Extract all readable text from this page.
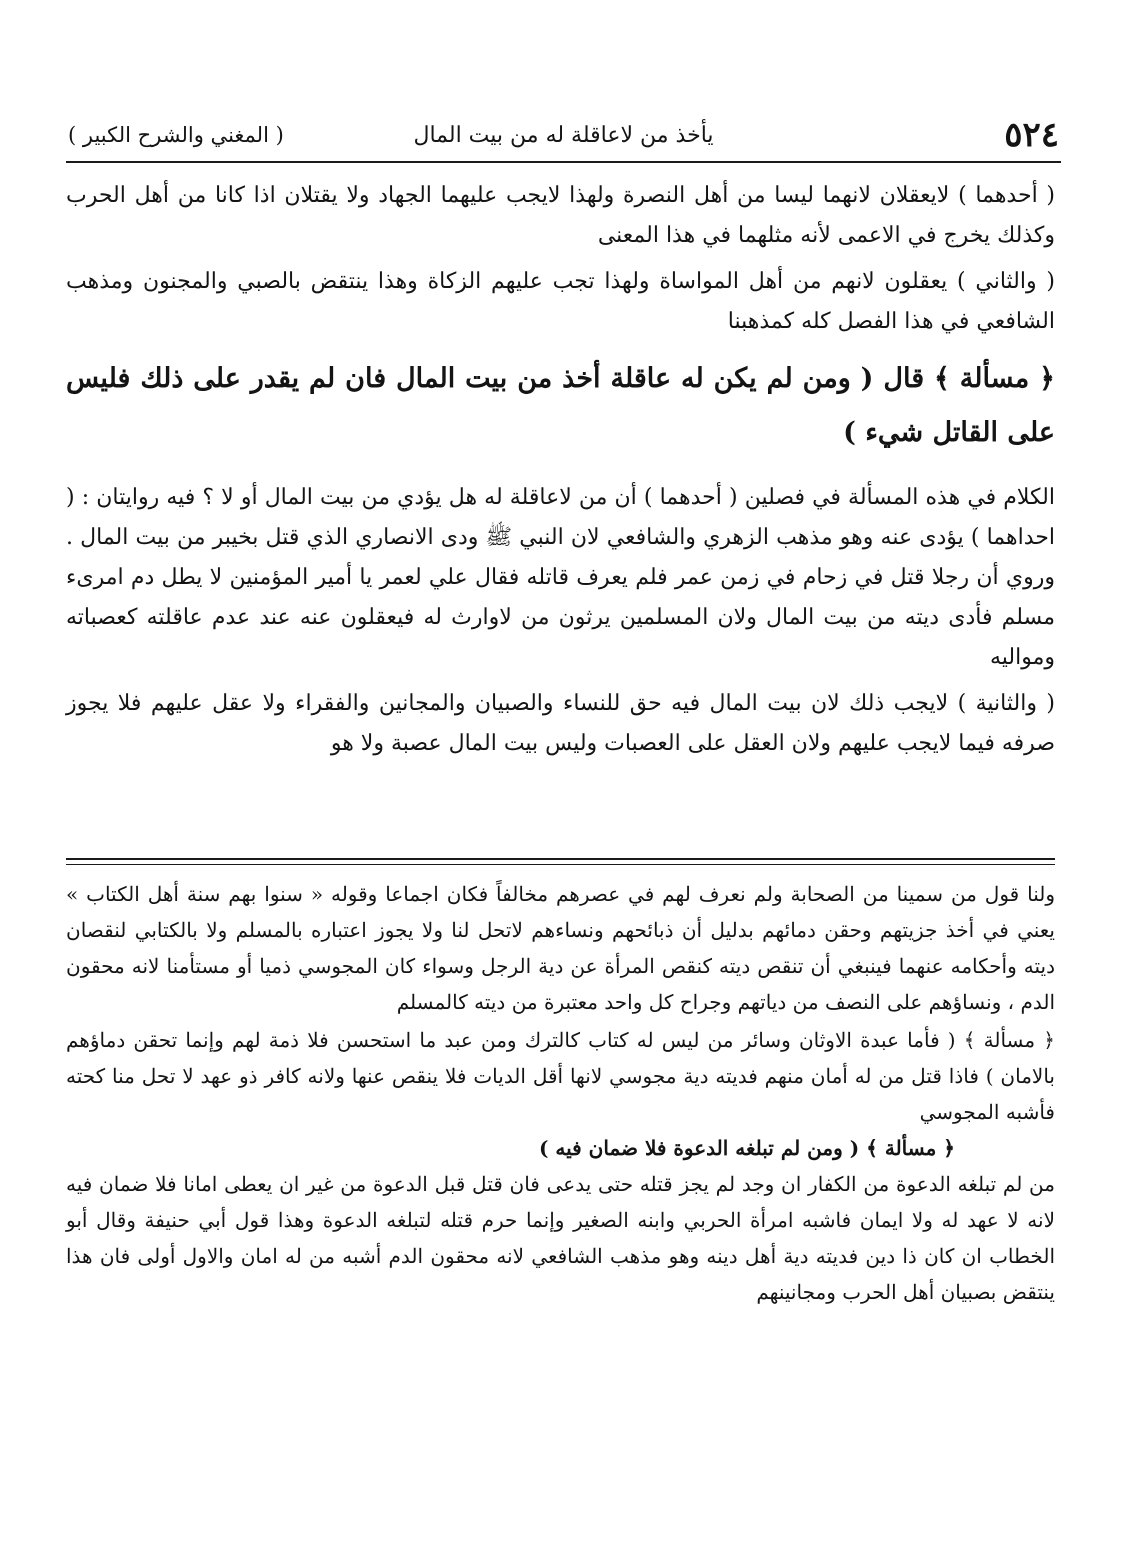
٥٢٤
يأخذ من لاعاقلة له من بيت المال
( المغني والشرح الكبير )

( أحدهما ) لايعقلان لانهما ليسا من أهل النصرة ولهذا لايجب عليهما الجهاد ولا يقتلان اذا كانا من أهل الحرب وكذلك يخرج في الاعمى لأنه مثلهما في هذا المعنى

( والثاني ) يعقلون لانهم من أهل المواساة ولهذا تجب عليهم الزكاة وهذا ينتقض بالصبي والمجنون ومذهب الشافعي في هذا الفصل كله كمذهبنا

﴿ مسألة ﴾ قال ( ومن لم يكن له عاقلة أخذ من بيت المال فان لم يقدر على ذلك فليس على القاتل شيء )

الكلام في هذه المسألة في فصلين ( أحدهما ) أن من لاعاقلة له هل يؤدي من بيت المال أو لا ؟ فيه روايتان : ( احداهما ) يؤدى عنه وهو مذهب الزهري والشافعي لان النبي ﷺ ودى الانصاري الذي قتل بخيبر من بيت المال . وروي أن رجلا قتل في زحام في زمن عمر فلم يعرف قاتله فقال علي لعمر يا أمير المؤمنين لا يطل دم امرىء مسلم فأدى ديته من بيت المال ولان المسلمين يرثون من لاوارث له فيعقلون عنه عند عدم عاقلته كعصباته ومواليه

( والثانية ) لايجب ذلك لان بيت المال فيه حق للنساء والصبيان والمجانين والفقراء ولا عقل عليهم فلا يجوز صرفه فيما لايجب عليهم ولان العقل على العصبات وليس بيت المال عصبة ولا هو

ولنا قول من سمينا من الصحابة ولم نعرف لهم في عصرهم مخالفاً فكان اجماعا وقوله « سنوا بهم سنة أهل الكتاب » يعني في أخذ جزيتهم وحقن دمائهم بدليل أن ذبائحهم ونساءهم لاتحل لنا ولا يجوز اعتباره بالمسلم ولا بالكتابي لنقصان ديته وأحكامه عنهما فينبغي أن تنقص ديته كنقص المرأة عن دية الرجل وسواء كان المجوسي ذميا أو مستأمنا لانه محقون الدم ، ونساؤهم على النصف من دياتهم وجراح كل واحد معتبرة من ديته كالمسلم

﴿ مسألة ﴾ ( فأما عبدة الاوثان وسائر من ليس له كتاب كالترك ومن عبد ما استحسن فلا ذمة لهم وإنما تحقن دماؤهم بالامان ) فاذا قتل من له أمان منهم فديته دية مجوسي لانها أقل الديات فلا ينقص عنها ولانه كافر ذو عهد لا تحل منا كحته فأشبه المجوسي

﴿ مسألة ﴾ ( ومن لم تبلغه الدعوة فلا ضمان فيه )

من لم تبلغه الدعوة من الكفار ان وجد لم يجز قتله حتى يدعى فان قتل قبل الدعوة من غير ان يعطى امانا فلا ضمان فيه لانه لا عهد له ولا ايمان فاشبه امرأة الحربي وابنه الصغير وإنما حرم قتله لتبلغه الدعوة وهذا قول أبي حنيفة وقال أبو الخطاب ان كان ذا دين فديته دية أهل دينه وهو مذهب الشافعي لانه محقون الدم أشبه من له امان والاول أولى فان هذا ينتقض بصبيان أهل الحرب ومجانينهم
